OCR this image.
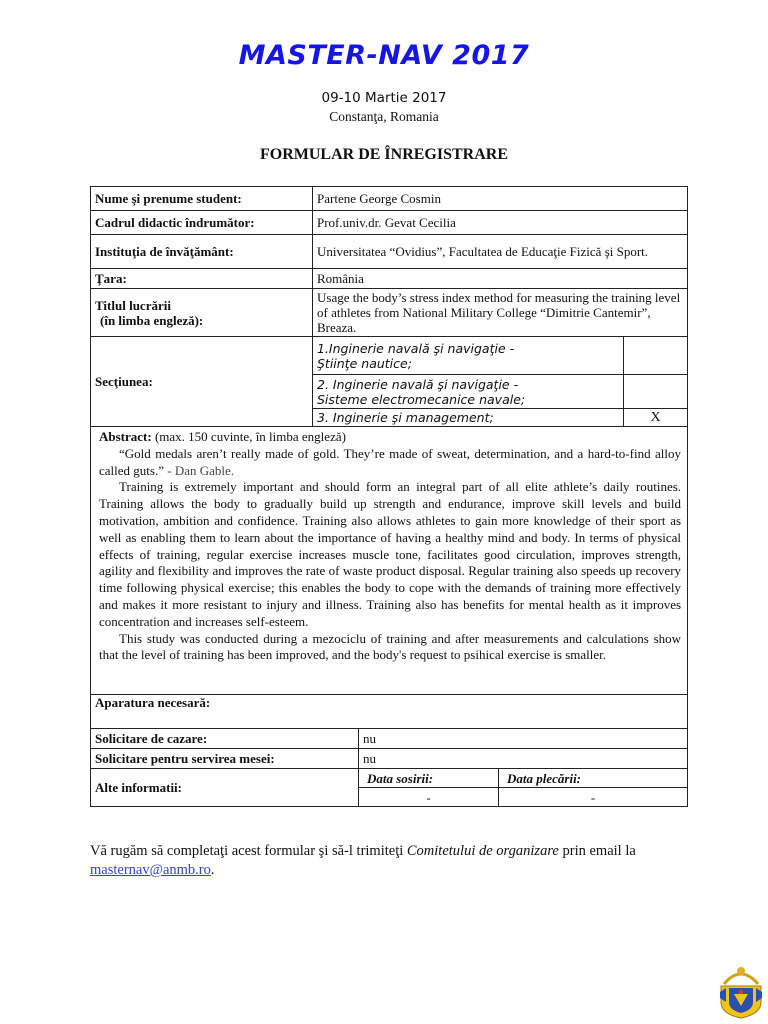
MASTER-NAV 2017
09-10 Martie 2017
Constanţa, Romania
FORMULAR DE ÎNREGISTRARE
Nume şi prenume student:	Partene George Cosmin			
Cadrul didactic îndrumător:	Prof.univ.dr. Gevat Cecilia			
Instituţia de învăţământ:	Universitatea “Ovidius”, Facultatea de Educaţie Fizică şi Sport.			
Ţara:	România			

Titlul lucrării
(în limba engleză):	Usage the body’s stress index method for measuring the training level of athletes from National Military College “Dimitrie Cantemir”, Breaza.			
Secţiunea:	1.Inginerie navală şi navigaţie -
Ştiinţe nautice;			

	2. Inginerie navală şi navigaţie -
Sisteme electromecanice navale;			

	3. Inginerie şi management;			X

Abstract: (max. 150 cuvinte, în limba engleză)

“Gold medals aren’t really made of gold. They’re made of sweat, determination, and a hard-to-find alloy called guts.” - Dan Gable.

Training is extremely important and should form an integral part of all elite athlete’s daily routines. Training allows the body to gradually build up strength and endurance, improve skill levels and build motivation, ambition and confidence. Training also allows athletes to gain more knowledge of their sport as well as enabling them to learn about the importance of having a healthy mind and body. In terms of physical effects of training, regular exercise increases muscle tone, facilitates good circulation, improves strength, agility and flexibility and improves the rate of waste product disposal. Regular training also speeds up recovery time following physical exercise; this enables the body to cope with the demands of training more effectively and makes it more resistant to injury and illness. Training also has benefits for mental health as it improves concentration and increases self-esteem.

This study was conducted during a mezociclu of training and after measurements and calculations show that the level of training has been improved, and the body's request to psihical exercise is smaller.				

Aparatura necesară:				
Solicitare de cazare:		nu		
Solicitare pentru servirea mesei:		nu		
Alte informatii:		Data sosirii:	Data plecării:	
		-	-	
Vă rugăm să completaţi acest formular şi să-l trimiteţi Comitetului de organizare prin email la masternav@anmb.ro.
